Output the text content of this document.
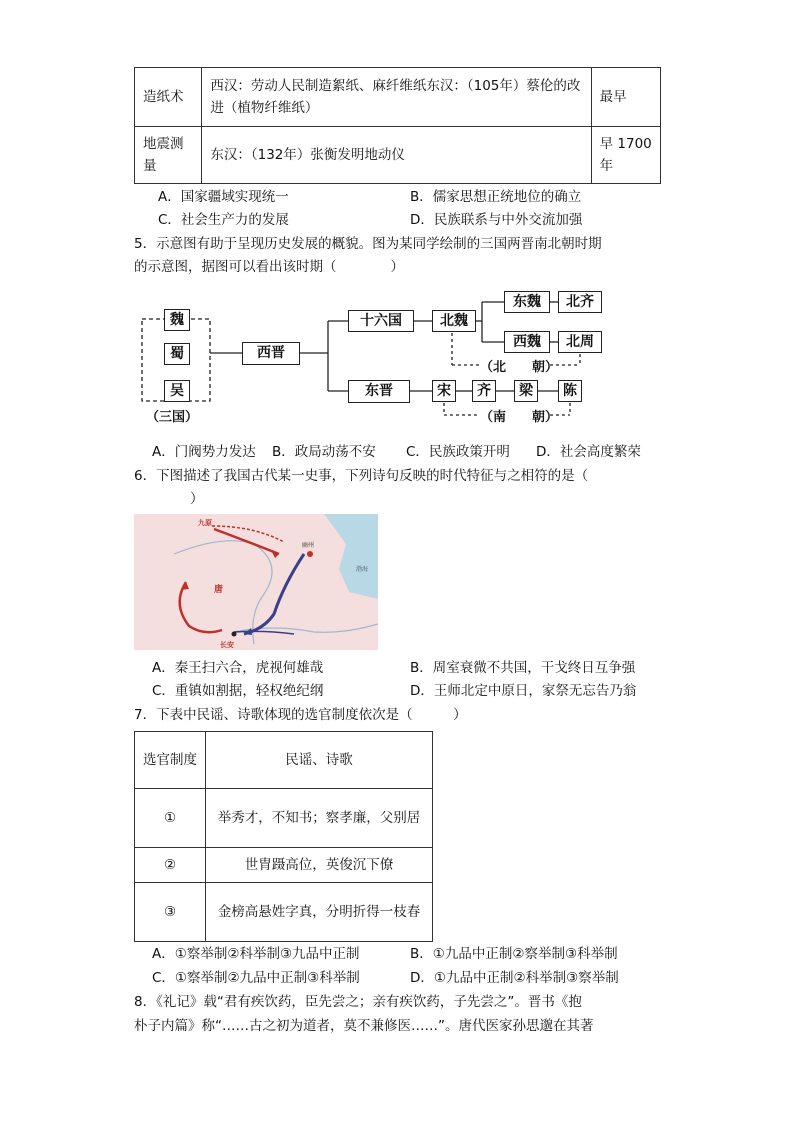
造纸术	西汉：劳动人民制造絮纸、麻纤维纸东汉：（105年）蔡伦的改进（植物纤维纸）	最早
地震测量	东汉：（132年）张衡发明地动仪	早 1700 年
A．国家疆域实现统一	B．儒家思想正统地位的确立
C．社会生产力的发展	D．民族联系与中外交流加强
5．示意图有助于呈现历史发展的概貌。图为某同学绘制的三国两晋南北朝时期
的示意图，据图可以看出该时期（　　　　）
魏
蜀
吴
（三国）
西晋
十六国	北魏
东魏	北齐
西魏	北周
（北　　朝）
东晋	宋	齐	梁	陈
（南　　朝）
A．门阀势力发达 B．政局动荡不安 C．民族政策开明 D．社会高度繁荣
6．下图描述了我国古代某一史事，下列诗句反映的时代特征与之相符的是（
）
九原
唐
幽州
渤海
长安
A．秦王扫六合，虎视何雄哉	B．周室衰微不共国，干戈终日互争强
C．重镇如割据，轻权绝纪纲	D．王师北定中原日，家祭无忘告乃翁
7．下表中民谣、诗歌体现的选官制度依次是（　　　）
选官制度	民谣、诗歌
①	举秀才，不知书；察孝廉，父别居
②	世胄蹑高位，英俊沉下僚
③	金榜高悬姓字真，分明折得一枝春
A．①察举制②科举制③九品中正制	B．①九品中正制②察举制③科举制
C．①察举制②九品中正制③科举制	D．①九品中正制②科举制③察举制
8．《礼记》载“君有疾饮药，臣先尝之；亲有疾饮药，子先尝之”。晋书《抱
朴子内篇》称“……古之初为道者，莫不兼修医……”。唐代医家孙思邈在其著
